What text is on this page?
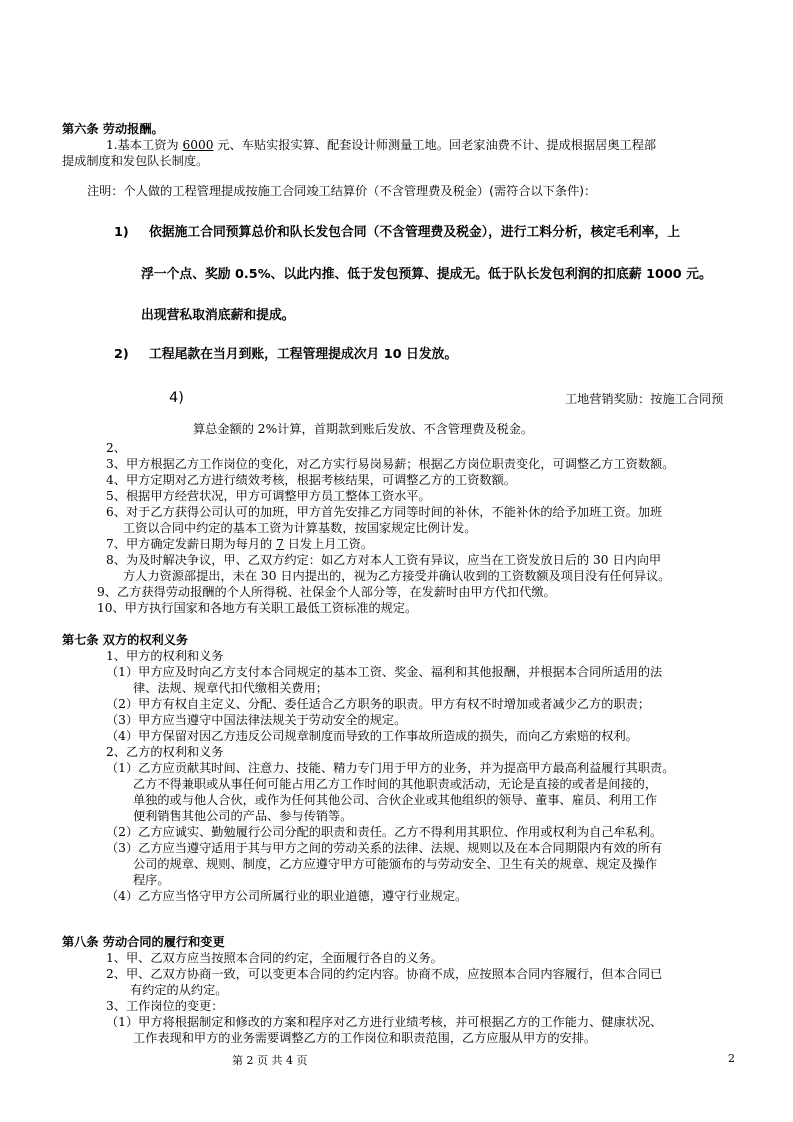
第六条 劳动报酬。
1.基本工资为 6000 元、车贴实报实算、配套设计师测量工地。回老家油费不计、提成根据居奥工程部
提成制度和发包队长制度。
注明：个人做的工程管理提成按施工合同竣工结算价（不含管理费及税金）(需符合以下条件)：
1) 依据施工合同预算总价和队长发包合同（不含管理费及税金），进行工料分析，核定毛利率，上
浮一个点、奖励 0.5%、以此内推、低于发包预算、提成无。低于队长发包利润的扣底薪 1000 元。
出现营私取消底薪和提成。
2) 工程尾款在当月到账，工程管理提成次月 10 日发放。
4)	工地营销奖励：按施工合同预
算总金额的 2%计算，首期款到账后发放、不含管理费及税金。
2、
3、甲方根据乙方工作岗位的变化，对乙方实行易岗易薪；根据乙方岗位职责变化，可调整乙方工资数额。
4、甲方定期对乙方进行绩效考核，根据考核结果，可调整乙方的工资数额。
5、根据甲方经营状况，甲方可调整甲方员工整体工资水平。
6、对于乙方获得公司认可的加班，甲方首先安排乙方同等时间的补休，不能补休的给予加班工资。加班
工资以合同中约定的基本工资为计算基数，按国家规定比例计发。
7、甲方确定发薪日期为每月的 7 日发上月工资。
8、为及时解决争议，甲、乙双方约定：如乙方对本人工资有异议，应当在工资发放日后的 30 日内向甲
方人力资源部提出，未在 30 日内提出的，视为乙方接受并确认收到的工资数额及项目没有任何异议。
9、乙方获得劳动报酬的个人所得税、社保金个人部分等，在发薪时由甲方代扣代缴。
10、甲方执行国家和各地方有关职工最低工资标准的规定。
第七条 双方的权利义务
1、甲方的权利和义务
（1）甲方应及时向乙方支付本合同规定的基本工资、奖金、福利和其他报酬，并根据本合同所适用的法
律、法规、规章代扣代缴相关费用；
（2）甲方有权自主定义、分配、委任适合乙方职务的职责。甲方有权不时增加或者减少乙方的职责；
（3）甲方应当遵守中国法律法规关于劳动安全的规定。
（4）甲方保留对因乙方违反公司规章制度而导致的工作事故所造成的损失，而向乙方索赔的权利。
2、乙方的权利和义务
（1）乙方应贡献其时间、注意力、技能、精力专门用于甲方的业务，并为提高甲方最高利益履行其职责。
乙方不得兼职或从事任何可能占用乙方工作时间的其他职责或活动，无论是直接的或者是间接的，
单独的或与他人合伙，或作为任何其他公司、合伙企业或其他组织的领导、董事、雇员、利用工作
便利销售其他公司的产品、参与传销等。
（2）乙方应诚实、勤勉履行公司分配的职责和责任。乙方不得利用其职位、作用或权利为自己牟私利。
（3）乙方应当遵守适用于其与甲方之间的劳动关系的法律、法规、规则以及在本合同期限内有效的所有
公司的规章、规则、制度，乙方应遵守甲方可能颁布的与劳动安全、卫生有关的规章、规定及操作
程序。
（4）乙方应当恪守甲方公司所属行业的职业道德，遵守行业规定。
第八条 劳动合同的履行和变更
1、甲、乙双方应当按照本合同的约定，全面履行各自的义务。
2、甲、乙双方协商一致，可以变更本合同的约定内容。协商不成，应按照本合同内容履行，但本合同已
有约定的从约定。
3、工作岗位的变更：
（1）甲方将根据制定和修改的方案和程序对乙方进行业绩考核，并可根据乙方的工作能力、健康状况、
工作表现和甲方的业务需要调整乙方的工作岗位和职责范围，乙方应服从甲方的安排。
第 2 页 共 4 页	2
